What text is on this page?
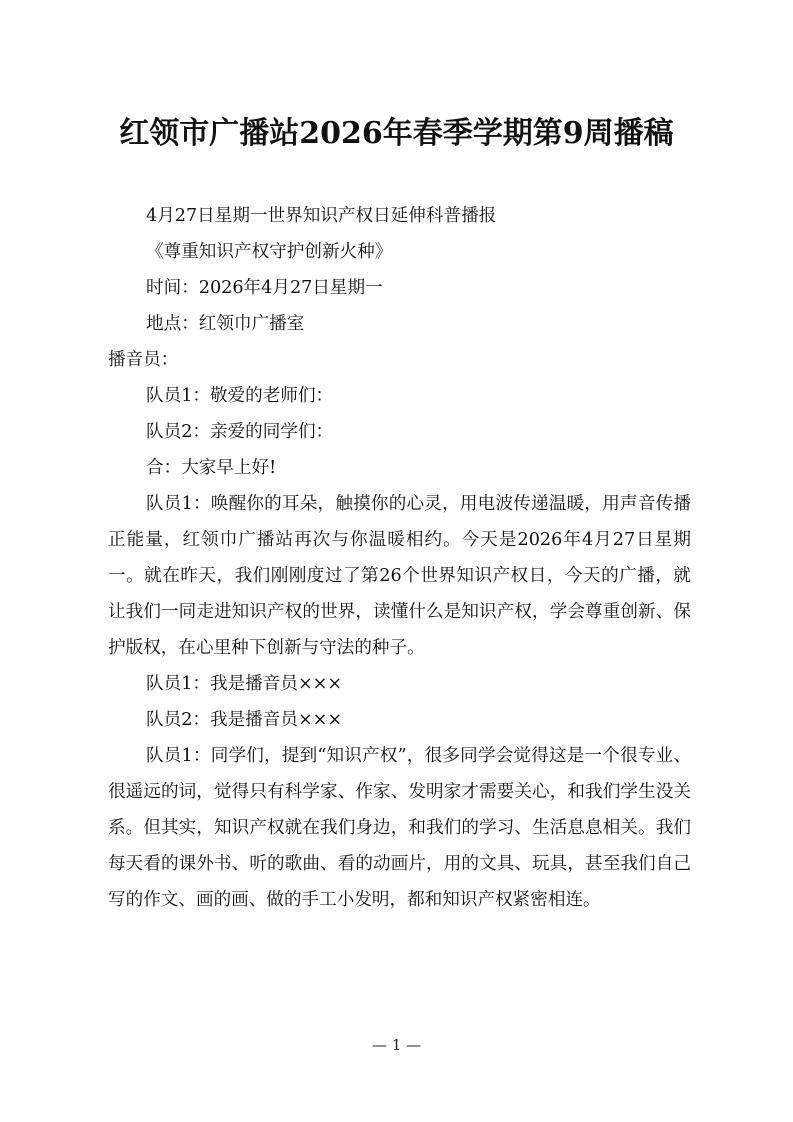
红领市广播站2026年春季学期第9周播稿

4月27日星期一世界知识产权日延伸科普播报

《尊重知识产权守护创新火种》

时间：2026年4月27日星期一

地点：红领巾广播室

播音员：

队员1：敬爱的老师们：

队员2：亲爱的同学们：

合：大家早上好!

队员1：唤醒你的耳朵，触摸你的心灵，用电波传递温暖，用声音传播正能量，红领巾广播站再次与你温暖相约。今天是2026年4月27日星期一。就在昨天，我们刚刚度过了第26个世界知识产权日，今天的广播，就让我们一同走进知识产权的世界，读懂什么是知识产权，学会尊重创新、保护版权，在心里种下创新与守法的种子。

队员1：我是播音员×××

队员2：我是播音员×××

队员1：同学们，提到“知识产权”，很多同学会觉得这是一个很专业、很遥远的词，觉得只有科学家、作家、发明家才需要关心，和我们学生没关系。但其实，知识产权就在我们身边，和我们的学习、生活息息相关。我们每天看的课外书、听的歌曲、看的动画片，用的文具、玩具，甚至我们自己写的作文、画的画、做的手工小发明，都和知识产权紧密相连。

— 1 —
